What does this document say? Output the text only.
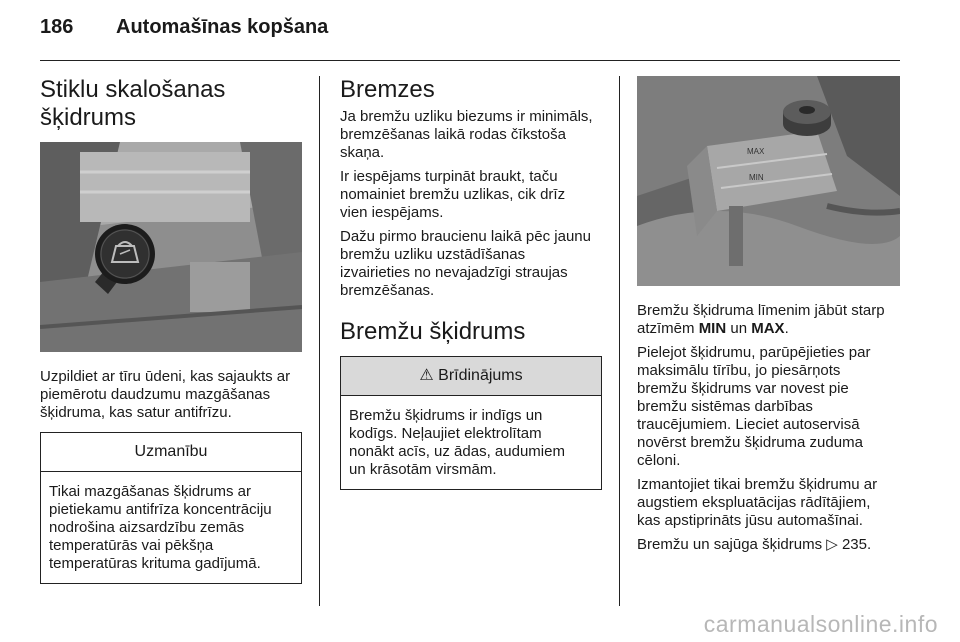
186 Automašīnas kopšana
Stiklu skalošanas
šķidrums

Uzpildiet ar tīru ūdeni, kas sajaukts ar
piemērotu daudzumu mazgāšanas
šķidruma, kas satur antifrīzu.

Uzmanību
Tikai mazgāšanas šķidrums ar
pietiekamu antifrīza koncentrāciju
nodrošina aizsardzību zemās
temperatūrās vai pēkšņa
temperatūras krituma gadījumā.
Bremzes

Ja bremžu uzliku biezums ir minimāls,
bremzēšanas laikā rodas čīkstoša
skaņa.

Ir iespējams turpināt braukt, taču
nomainiet bremžu uzlikas, cik drīz
vien iespējams.

Dažu pirmo braucienu laikā pēc jaunu
bremžu uzliku uzstādīšanas
izvairieties no nevajadzīgi straujas
bremzēšanas.

Bremžu šķidrums
⚠ Brīdinājums
Bremžu šķidrums ir indīgs un
kodīgs. Neļaujiet elektrolītam
nonākt acīs, uz ādas, audumiem
un krāsotām virsmām.
MAX
MIN

Bremžu šķidruma līmenim jābūt starp
atzīmēm MIN un MAX.

Pielejot šķidrumu, parūpējieties par
maksimālu tīrību, jo piesārņots
bremžu šķidrums var novest pie
bremžu sistēmas darbības
traucējumiem. Lieciet autoservisā
novērst bremžu šķidruma zuduma
cēloni.

Izmantojiet tikai bremžu šķidrumu ar
augstiem ekspluatācijas rādītājiem,
kas apstiprināts jūsu automašīnai.

Bremžu un sajūga šķidrums ▷ 235.

carmanualsonline.info
